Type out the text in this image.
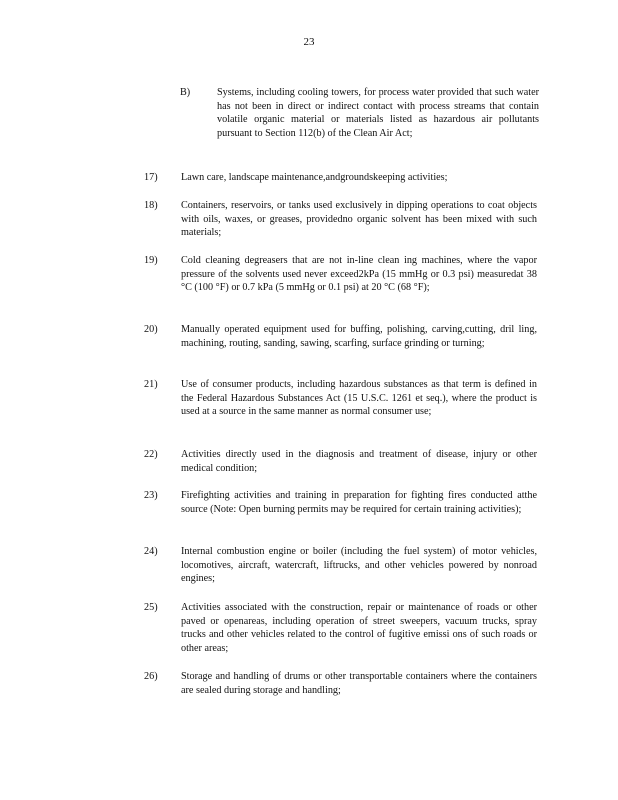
23
B)	Systems, including cooling towers, for process water provided that such water has not been in direct or indirect contact with process streams that contain volatile organic material or materials listed as hazardous air pollutants pursuant to Section 112(b) of the Clean Air Act;
17) Lawn care, landscape maintenance,andgroundskeeping activities;
18) Containers, reservoirs, or tanks used exclusively in dipping operations to coat objects with oils, waxes, or greases, providedno organic solvent has been mixed with such materials;
19) Cold cleaning degreasers that are not in-line clean ing machines, where the vapor pressure of the solvents used never exceed2kPa (15 mmHg or 0.3 psi) measuredat 38 °C (100 °F) or 0.7 kPa (5 mmHg or 0.1 psi) at 20 °C (68 °F);
20) Manually operated equipment used for buffing, polishing, carving,cutting, dril ling, machining, routing, sanding, sawing, scarfing, surface grinding or turning;
21) Use of consumer products, including hazardous substances as that term is defined in the Federal Hazardous Substances Act (15 U.S.C. 1261 et seq.), where the product is used at a source in the same manner as normal consumer use;
22) Activities directly used in the diagnosis and treatment of disease, injury or other medical condition;
23) Firefighting activities and training in preparation for fighting fires conducted atthe source (Note: Open burning permits may be required for certain training activities);
24) Internal combustion engine or boiler (including the fuel system) of motor vehicles, locomotives, aircraft, watercraft, liftrucks, and other vehicles powered by nonroad engines;
25) Activities associated with the construction, repair or maintenance of roads or other paved or openareas, including operation of street sweepers, vacuum trucks, spray trucks and other vehicles related to the control of fugitive emissi ons of such roads or other areas;
26) Storage and handling of drums or other transportable containers where the containers are sealed during storage and handling;
